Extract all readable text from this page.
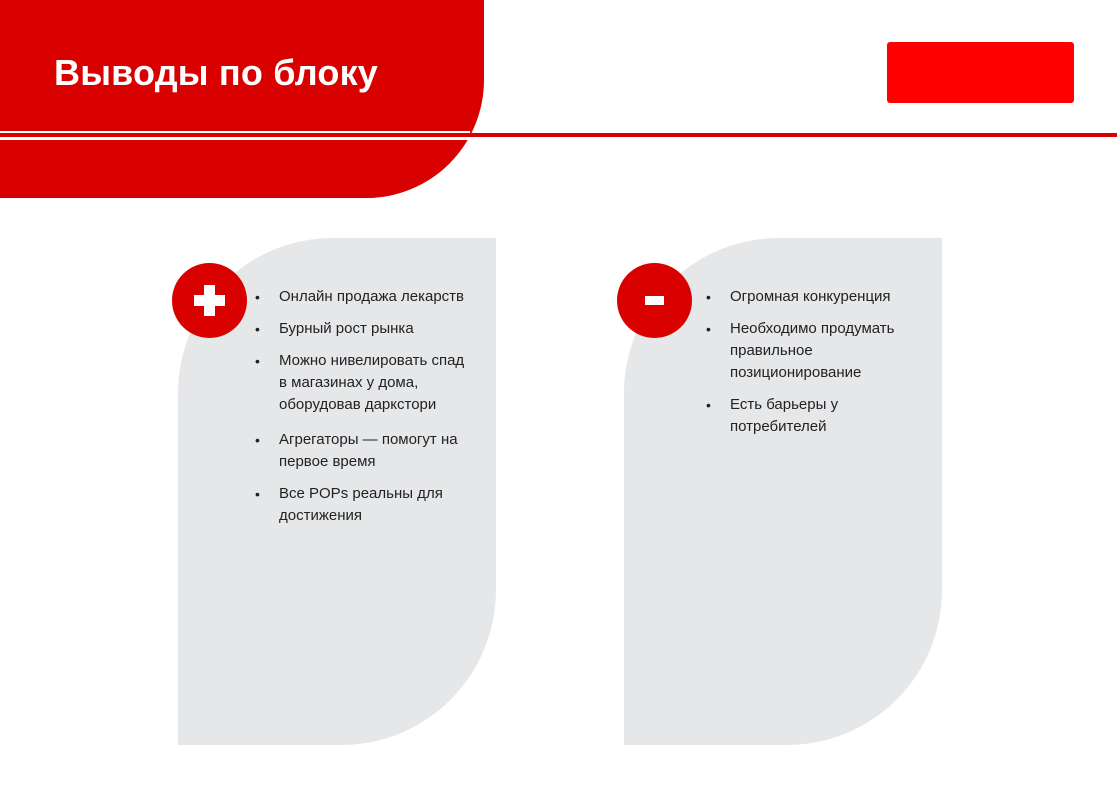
Выводы по блоку
• Онлайн продажа лекарств
• Бурный рост рынка
• Можно нивелировать спад в магазинах у дома, оборудовав даркстори
• Агрегаторы — помогут на первое время
• Все POPs реальны для достижения
• Огромная конкуренция
• Необходимо продумать правильное позиционирование
• Есть барьеры у потребителей
